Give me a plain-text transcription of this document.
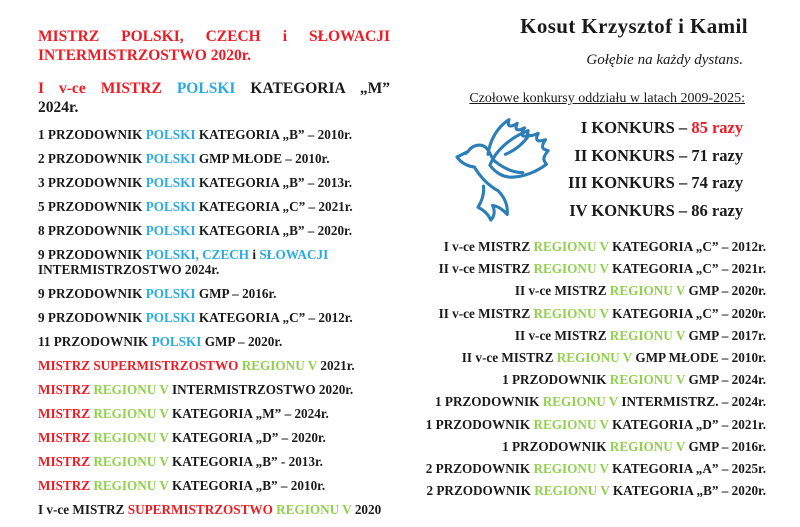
MISTRZ POLSKI, CZECH i SŁOWACJI
INTERMISTRZOSTWO 2020r.
I v-ce MISTRZ POLSKI KATEGORIA „M”
2024r.
1 PRZODOWNIK POLSKI KATEGORIA „B” – 2010r.
2 PRZODOWNIK POLSKI GMP MŁODE – 2010r.
3 PRZODOWNIK POLSKI KATEGORIA „B” – 2013r.
5 PRZODOWNIK POLSKI KATEGORIA „C” – 2021r.
8 PRZODOWNIK POLSKI KATEGORIA „B” – 2020r.
9 PRZODOWNIK POLSKI, CZECH i SŁOWACJI INTERMISTRZOSTWO 2024r.
9 PRZODOWNIK POLSKI GMP – 2016r.
9 PRZODOWNIK POLSKI KATEGORIA „C” – 2012r.
11 PRZODOWNIK POLSKI GMP – 2020r.
MISTRZ SUPERMISTRZOSTWO REGIONU V 2021r.
MISTRZ REGIONU V INTERMISTRZOSTWO 2020r.
MISTRZ REGIONU V KATEGORIA „M” – 2024r.
MISTRZ REGIONU V KATEGORIA „D” – 2020r.
MISTRZ REGIONU V KATEGORIA „B” - 2013r.
MISTRZ REGIONU V KATEGORIA „B” – 2010r.
I v-ce MISTRZ SUPERMISTRZOSTWO REGIONU V 2020
Kosut Krzysztof i Kamil
Gołębie na każdy dystans.
Czołowe konkursy oddziału w latach 2009-2025:
I KONKURS – 85 razy
II KONKURS – 71 razy
III KONKURS – 74 razy
IV KONKURS – 86 razy
I v-ce MISTRZ REGIONU V KATEGORIA „C” – 2012r.
II v-ce MISTRZ REGIONU V KATEGORIA „C” – 2021r.
II v-ce MISTRZ REGIONU V GMP – 2020r.
II v-ce MISTRZ REGIONU V KATEGORIA „C” – 2020r.
II v-ce MISTRZ REGIONU V GMP – 2017r.
II v-ce MISTRZ REGIONU V GMP MŁODE – 2010r.
1 PRZODOWNIK REGIONU V GMP – 2024r.
1 PRZODOWNIK REGIONU V INTERMISTRZ. – 2024r.
1 PRZODOWNIK REGIONU V KATEGORIA „D” – 2021r.
1 PRZODOWNIK REGIONU V GMP – 2016r.
2 PRZODOWNIK REGIONU V KATEGORIA „A” – 2025r.
2 PRZODOWNIK REGIONU V KATEGORIA „B” – 2020r.
